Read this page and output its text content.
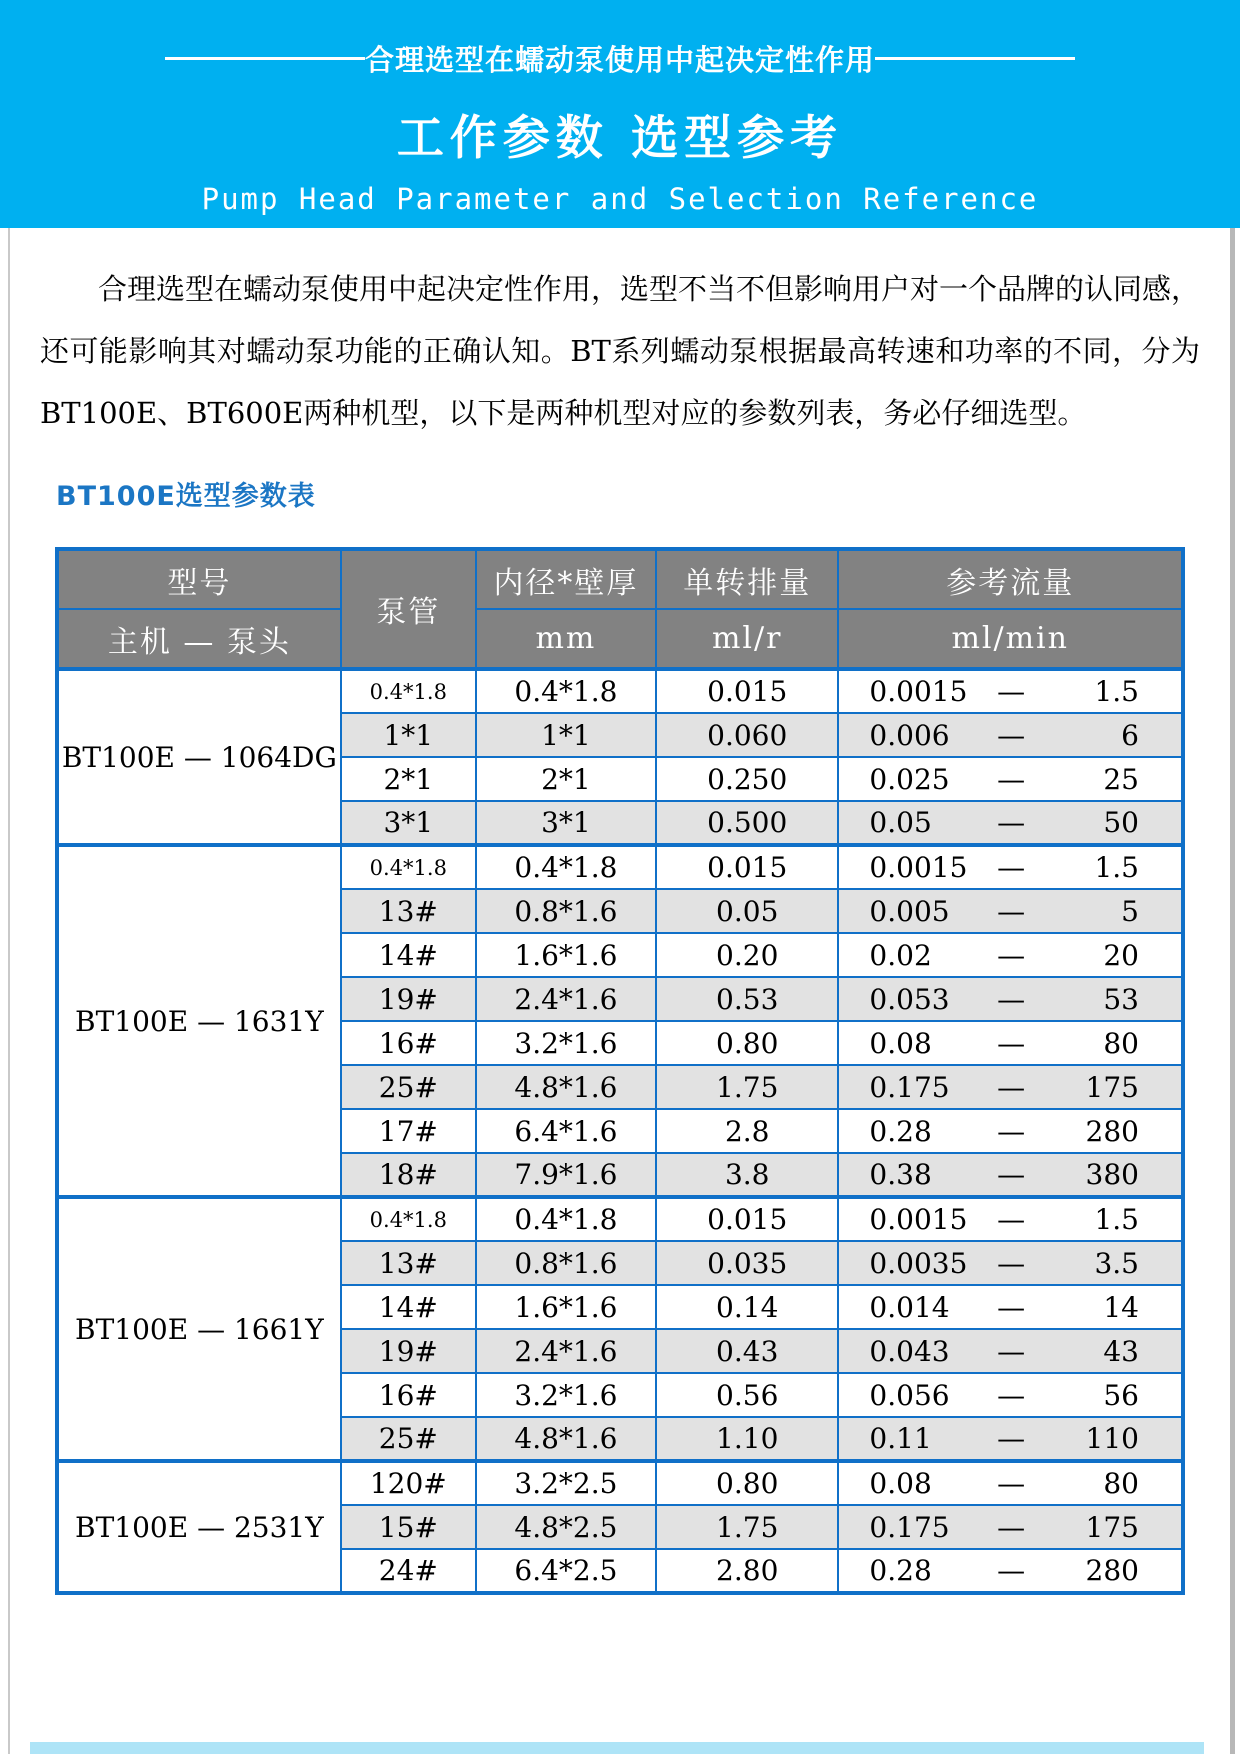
合理选型在蠕动泵使用中起决定性作用
工作参数 选型参考
Pump Head Parameter and Selection Reference

合理选型在蠕动泵使用中起决定性作用，选型不当不但影响用户对一个品牌的认同感，还可能影响其对蠕动泵功能的正确认知。BT系列蠕动泵根据最高转速和功率的不同，分为BT100E、BT600E两种机型，以下是两种机型对应的参数列表，务必仔细选型。

BT100E选型参数表
型号	泵管	内径*壁厚	单转排量	参考流量
主机 — 泵头		mm	ml/r	ml/min
BT100E — 1064DG	0.4*1.8	0.4*1.8	0.015	0.0015 — 1.5

	1*1	1*1	0.060	0.006 — 6

	2*1	2*1	0.250	0.025 — 25

	3*1	3*1	0.500	0.05 — 50

BT100E — 1631Y	0.4*1.8	0.4*1.8	0.015	0.0015 — 1.5

	13#	0.8*1.6	0.05	0.005 — 5

	14#	1.6*1.6	0.20	0.02 — 20

	19#	2.4*1.6	0.53	0.053 — 53

	16#	3.2*1.6	0.80	0.08 — 80

	25#	4.8*1.6	1.75	0.175 — 175

	17#	6.4*1.6	2.8	0.28 — 280

	18#	7.9*1.6	3.8	0.38 — 380

BT100E — 1661Y	0.4*1.8	0.4*1.8	0.015	0.0015 — 1.5

	13#	0.8*1.6	0.035	0.0035 — 3.5

	14#	1.6*1.6	0.14	0.014 — 14

	19#	2.4*1.6	0.43	0.043 — 43

	16#	3.2*1.6	0.56	0.056 — 56

	25#	4.8*1.6	1.10	0.11 — 110

BT100E — 2531Y	120#	3.2*2.5	0.80	0.08 — 80

	15#	4.8*2.5	1.75	0.175 — 175

	24#	6.4*2.5	2.80	0.28 — 280
